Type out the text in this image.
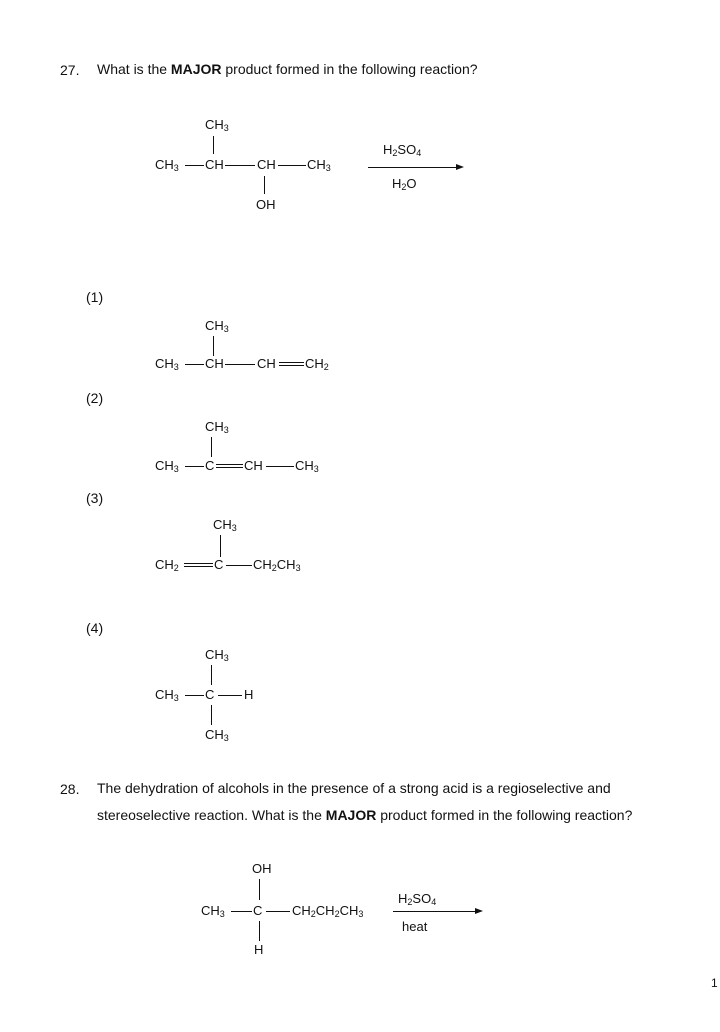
27. What is the MAJOR product formed in the following reaction?
$CH_3$
$CH_3$ CH	CH $CH_3$
OH
$H_2SO_4$
$H_2O$
(1)
$CH_3$
$CH_3$ CH	CH $CH_2$
(2)
$CH_3$
$CH_3$ C CH $CH_3$
(3)
$CH_3$
$CH_2$	C $CH_2CH_3$
(4)
$CH_3$
$CH_3$ C H
$CH_3$
28. The dehydration of alcohols in the presence of a strong acid is a regioselective and
stereoselective reaction. What is the MAJOR product formed in the following reaction?
OH
$CH_3$ C $CH_2CH_2CH_3$
H
$H_2SO_4$
heat
1
